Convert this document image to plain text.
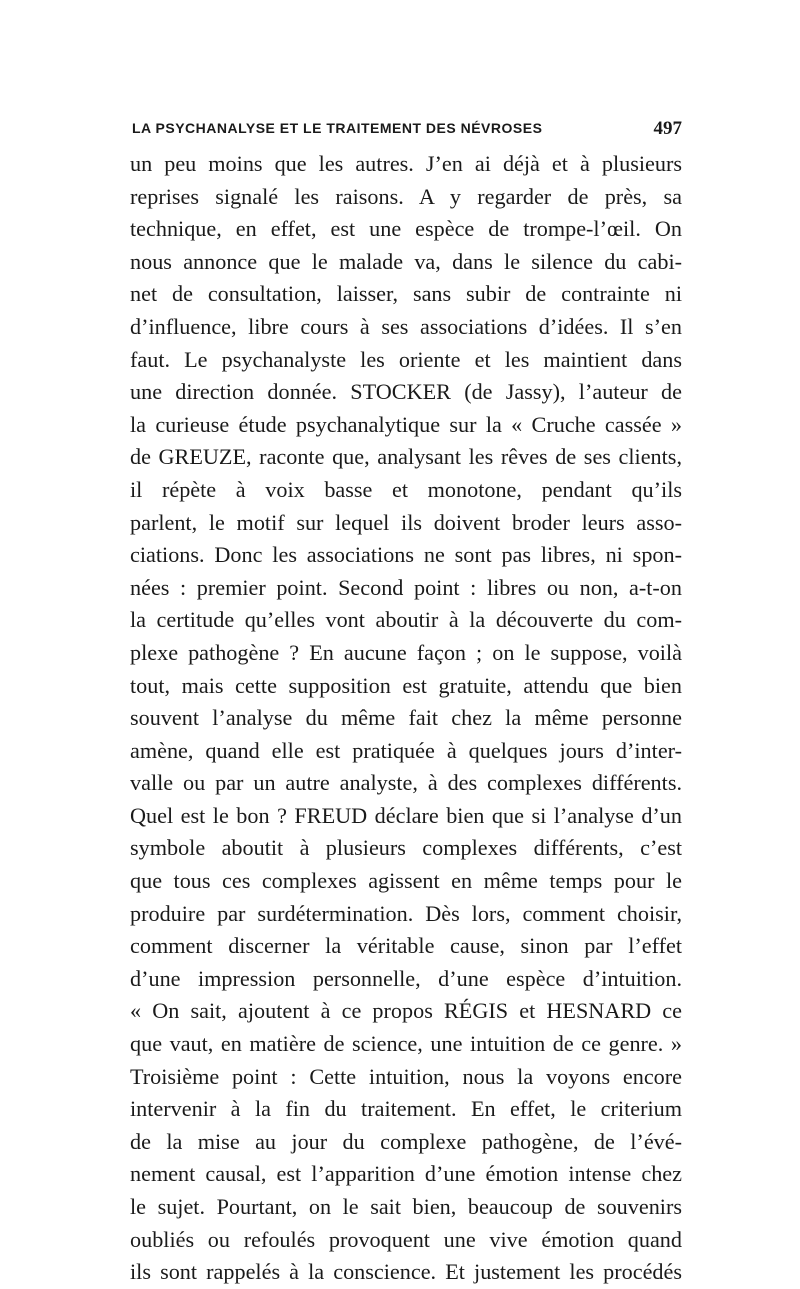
LA PSYCHANALYSE ET LE TRAITEMENT DES NÉVROSES	497
un peu moins que les autres. J’en ai déjà et à plusieurs
reprises signalé les raisons. A y regarder de près, sa
technique, en effet, est une espèce de trompe-l’œil. On
nous annonce que le malade va, dans le silence du cabi-
net de consultation, laisser, sans subir de contrainte ni
d’influence, libre cours à ses associations d’idées. Il s’en
faut. Le psychanalyste les oriente et les maintient dans
une direction donnée. STOCKER (de Jassy), l’auteur de
la curieuse étude psychanalytique sur la « Cruche cassée »
de GREUZE, raconte que, analysant les rêves de ses clients,
il répète à voix basse et monotone, pendant qu’ils
parlent, le motif sur lequel ils doivent broder leurs asso-
ciations. Donc les associations ne sont pas libres, ni spon-
nées : premier point. Second point : libres ou non, a-t-on
la certitude qu’elles vont aboutir à la découverte du com-
plexe pathogène ? En aucune façon ; on le suppose, voilà
tout, mais cette supposition est gratuite, attendu que bien
souvent l’analyse du même fait chez la même personne
amène, quand elle est pratiquée à quelques jours d’inter-
valle ou par un autre analyste, à des complexes différents.
Quel est le bon ? FREUD déclare bien que si l’analyse d’un
symbole aboutit à plusieurs complexes différents, c’est
que tous ces complexes agissent en même temps pour le
produire par surdétermination. Dès lors, comment choisir,
comment discerner la véritable cause, sinon par l’effet
d’une impression personnelle, d’une espèce d’intuition.
« On sait, ajoutent à ce propos RÉGIS et HESNARD ce
que vaut, en matière de science, une intuition de ce genre. »
Troisième point : Cette intuition, nous la voyons encore
intervenir à la fin du traitement. En effet, le criterium
de la mise au jour du complexe pathogène, de l’évé-
nement causal, est l’apparition d’une émotion intense chez
le sujet. Pourtant, on le sait bien, beaucoup de souvenirs
oubliés ou refoulés provoquent une vive émotion quand
ils sont rappelés à la conscience. Et justement les procédés
